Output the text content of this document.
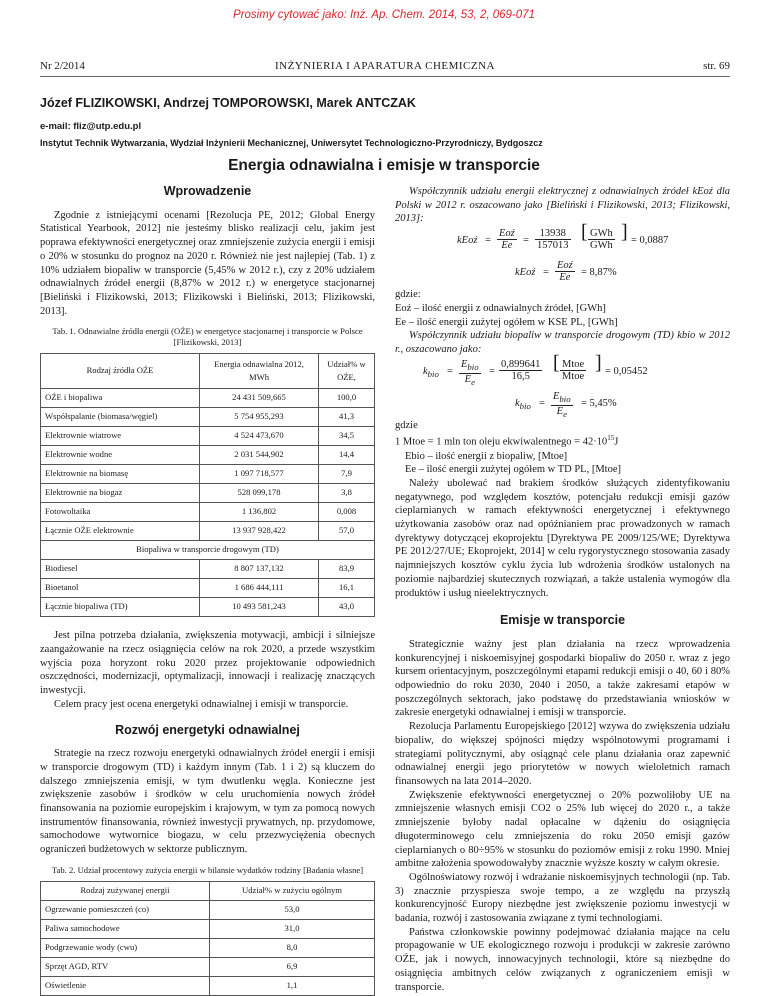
Prosimy cytować jako: Inż. Ap. Chem. 2014, 53, 2, 069-071
Nr 2/2014	INŻYNIERIA I APARATURA CHEMICZNA	str. 69
Józef FLIZIKOWSKI, Andrzej TOMPOROWSKI, Marek ANTCZAK
e-mail: fliz@utp.edu.pl
Instytut Technik Wytwarzania, Wydział Inżynierii Mechanicznej, Uniwersytet Technologiczno-Przyrodniczy, Bydgoszcz
Energia odnawialna i emisje w transporcie
Wprowadzenie

Zgodnie z istniejącymi ocenami [Rezolucja PE, 2012; Global Energy Statistical Yearbook, 2012] nie jesteśmy blisko realizacji celu, jakim jest poprawa efektywności energetycznej oraz zmniejszenie zużycia energii i emisji o 20% w stosunku do prognoz na 2020 r. Również nie jest najlepiej (Tab. 1) z 10% udziałem biopaliw w transporcie (5,45% w 2012 r.), czy z 20% udziałem odnawialnych źródeł energii (8,87% w 2012 r.) w energetyce stacjonarnej [Bieliński i Flizikowski, 2013; Flizikowski i Bieliński, 2013; Flizikowski, 2013].

Tab. 1. Odnawialne źródła energii (OŹE) w energetyce stacjonarnej i transporcie w Polsce [Flizikowski, 2013]
Rodzaj źródła OŹE	Energia odnawialna 2012, MWh	Udział% w OŹE,
OŹE i biopaliwa	24 431 509,665	100,0
Współspalanie (biomasa/węgiel)	5 754 955,293	41,3
Elektrownie wiatrowe	4 524 473,670	34,5
Elektrownie wodne	2 031 544,902	14,4
Elektrownie na biomasę	1 097 718,577	7,9
Elektrownie na biogaz	528 099,178	3,8
Fotowoltaika	1 136,802	0,008
Łącznie OŹE elektrownie	13 937 928,422	57,0
Biopaliwa w transporcie drogowym (TD)		
Biodiesel	8 807 137,132	83,9
Bioetanol	1 686 444,111	16,1
Łącznie biopaliwa (TD)	10 493 581,243	43,0

Jest pilna potrzeba działania, zwiększenia motywacji, ambicji i silniejsze zaangażowanie na rzecz osiągnięcia celów na rok 2020, a przede wszystkim wyjścia poza horyzont roku 2020 przez projektowanie odpowiednich oszczędności, modernizacji, optymalizacji, innowacji i realizację znaczących inwestycji.

Celem pracy jest ocena energetyki odnawialnej i emisji w transporcie.

Rozwój energetyki odnawialnej

Strategie na rzecz rozwoju energetyki odnawialnych źródeł energii i emisji w transporcie drogowym (TD) i każdym innym (Tab. 1 i 2) są kluczem do dalszego zmniejszenia emisji, w tym dwutlenku węgla. Konieczne jest zwiększenie zasobów i środków w celu uruchomienia nowych źródeł finansowania na poziomie europejskim i krajowym, w tym za pomocą nowych instrumentów finansowania, również inwestycji prywatnych, np. przydomowe, samochodowe wytwornice biogazu, w celu przezwyciężenia obecnych ograniczeń budżetowych w sektorze publicznym.

Tab. 2. Udział procentowy zużycia energii w bilansie wydatków rodziny [Badania własne]
Rodzaj zużywanej energii	Udział% w zużyciu ogólnym
Ogrzewanie pomieszczeń (co)	53,0
Paliwa samochodowe	31,0
Podgrzewanie wody (cwu)	8,0
Sprzęt AGD, RTV	6,9
Oświetlenie	1,1

Współczynnik udziału energii elektrycznej z odnawialnych źródeł kEoź dla Polski w 2012 r. oszacowano jako [Bieliński i Flizikowski, 2013; Flizikowski, 2013]:

kEoź =
Eoź
Ee	= $\frac{13938}{157013}$ [ GWh
GWh
] = 0,0887
kEoź =
Eoź
Ee	= 8,87%

gdzie:

Eoź – ilość energii z odnawialnych źródeł, [GWh]

Ee – ilość energii zużytej ogółem w KSE PL, [GWh]

Współczynnik udziału biopaliw w transporcie drogowym (TD) kbio w 2012 r., oszacowano jako:

$k_{bio}$ =
$E_{bio}$
$E_e$
= $\frac{0,899641}{16,5}$ [ Mtoe
Mtoe
] = 0,05452
$k_{bio}$ =
$E_{bio}$
$E_e$
= 5,45%

gdzie

1 Mtoe = 1 mln ton oleju ekwiwalentnego = $42\cdot 10^{15}J$

Ebio – ilość energii z biopaliw, [Mtoe]

Ee – ilość energii zużytej ogółem w TD PL, [Mtoe]

Należy ubolewać nad brakiem środków służących zidentyfikowaniu negatywnego, pod względem kosztów, potencjału redukcji emisji gazów cieplarnianych w ramach efektywności energetycznej i efektywnego użytkowania zasobów oraz nad opóźnianiem prac prowadzonych w ramach dyrektywy dotyczącej ekoprojektu [Dyrektywa PE 2009/125/WE; Dyrektywa PE 2012/27/UE; Ekoprojekt, 2014] w celu rygorystycznego stosowania zasady najmniejszych kosztów cyklu życia lub wdrożenia środków ustalonych na poziomie najbardziej skutecznych rozwiązań, a także ustalenia wymogów dla produktów i usług nieelektrycznych.

Emisje w transporcie

Strategicznie ważny jest plan działania na rzecz wprowadzenia konkurencyjnej i niskoemisyjnej gospodarki biopaliw do 2050 r. wraz z jego kursem orientacyjnym, poszczególnymi etapami redukcji emisji o 40, 60 i 80% odpowiednio do roku 2030, 2040 i 2050, a także zakresami etapów w poszczególnych sektorach, jako podstawę do przedstawiania wniosków w zakresie energetyki odnawialnej i emisji w transporcie.

Rezolucja Parlamentu Europejskiego [2012] wzywa do zwiększenia udziału biopaliw, do większej spójności między wspólnotowymi programami i strategiami politycznymi, aby osiągnąć cele planu działania oraz zapewnić odnawialnej energii jego priorytetów w nowych wieloletnich ramach finansowych na lata 2014–2020.

Zwiększenie efektywności energetycznej o 20% pozwoliłoby UE na zmniejszenie własnych emisji CO2 o 25% lub więcej do 2020 r., a także zmniejszenie byłoby nadal opłacalne w dążeniu do osiągnięcia długoterminowego celu zmniejszenia do roku 2050 emisji gazów cieplarnianych o 80÷95% w stosunku do poziomów emisji z roku 1990. Mniej ambitne założenia spowodowałyby znacznie wyższe koszty w całym okresie.

Ogólnoświatowy rozwój i wdrażanie niskoemisyjnych technologii (np. Tab. 3) znacznie przyspiesza swoje tempo, a ze względu na przyszłą konkurencyjność Europy niezbędne jest zwiększenie poziomu inwestycji w badania, rozwój i zastosowania związane z tymi technologiami.

Państwa członkowskie powinny podejmować działania mające na celu propagowanie w UE ekologicznego rozwoju i produkcji w zakresie zarówno OŹE, jak i nowych, innowacyjnych technologii, które są niezbędne do osiągnięcia ambitnych celów związanych z ograniczeniem emisji w transporcie.
